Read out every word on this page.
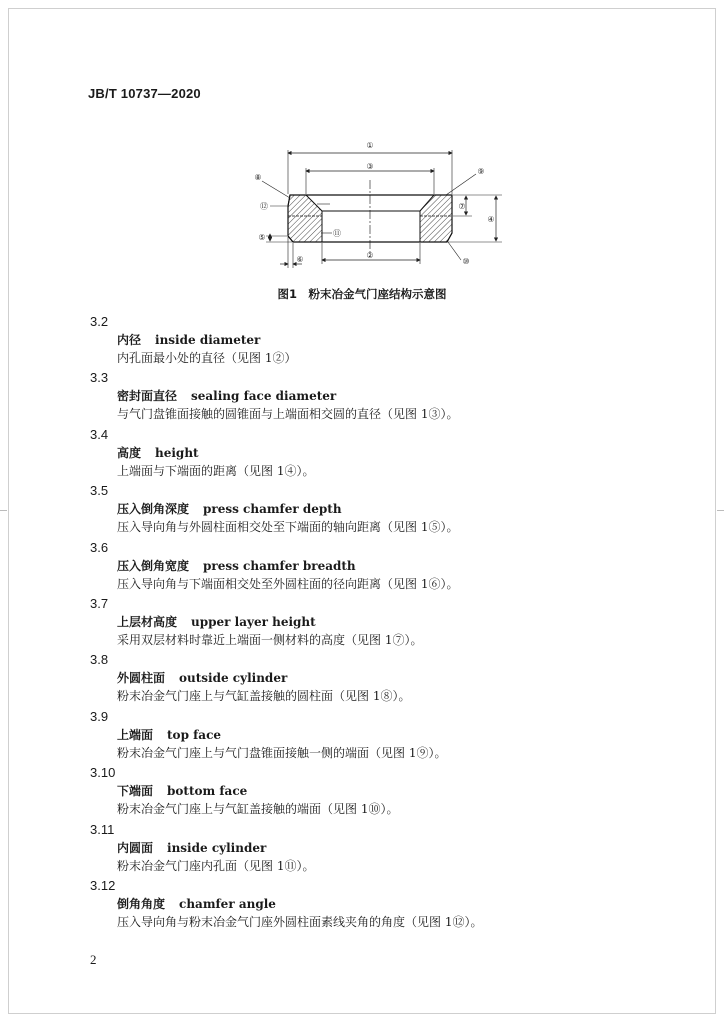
JB/T 10737—2020
①
③
⑧
⑨
⑫	⑦
④
⑪
⑤
②
⑩
⑥
图1　粉末冶金气门座结构示意图
3.2
内径 inside diameter
内孔面最小处的直径（见图 1②）
3.3
密封面直径 sealing face diameter
与气门盘锥面接触的圆锥面与上端面相交圆的直径（见图 1③）。
3.4
高度 height
上端面与下端面的距离（见图 1④）。
3.5
压入倒角深度 press chamfer depth
压入导向角与外圆柱面相交处至下端面的轴向距离（见图 1⑤）。
3.6
压入倒角宽度 press chamfer breadth
压入导向角与下端面相交处至外圆柱面的径向距离（见图 1⑥）。
3.7
上层材高度 upper layer height
采用双层材料时靠近上端面一侧材料的高度（见图 1⑦）。
3.8
外圆柱面 outside cylinder
粉末冶金气门座上与气缸盖接触的圆柱面（见图 1⑧）。
3.9
上端面 top face
粉末冶金气门座上与气门盘锥面接触一侧的端面（见图 1⑨）。
3.10
下端面 bottom face
粉末冶金气门座上与气缸盖接触的端面（见图 1⑩）。
3.11
内圆面 inside cylinder
粉末冶金气门座内孔面（见图 1⑪）。
3.12
倒角角度 chamfer angle
压入导向角与粉末冶金气门座外圆柱面素线夹角的角度（见图 1⑫）。
2
